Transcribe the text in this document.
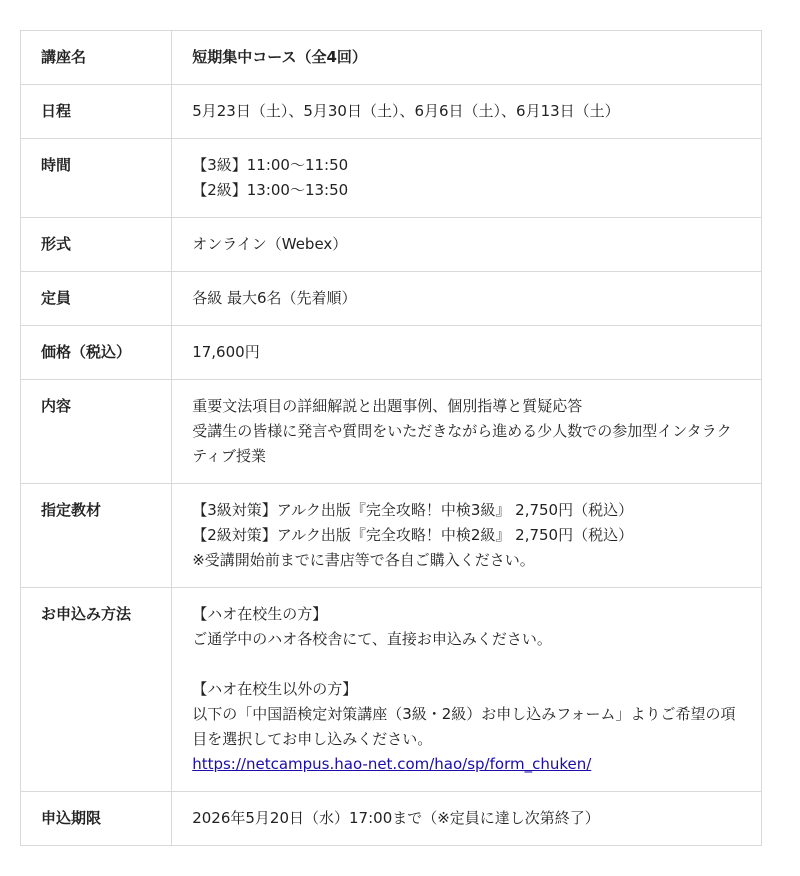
講座名	短期集中コース（全4回）
日程	5月23日（土）、5月30日（土）、6月6日（土）、6月13日（土）
時間	【3級】11:00～11:50
【2級】13:00～13:50

形式	オンライン（Webex）
定員	各級 最大6名（先着順）
価格（税込）	17,600円
内容	重要文法項目の詳細解説と出題事例、個別指導と質疑応答
受講生の皆様に発言や質問をいただきながら進める少人数での参加型インタラクティブ授業

指定教材	【3級対策】アルク出版『完全攻略！中検3級』 2,750円（税込）
【2級対策】アルク出版『完全攻略！中検2級』 2,750円（税込）
※受講開始前までに書店等で各自ご購入ください。

お申込み方法	【ハオ在校生の方】
ご通学中のハオ各校舎にて、直接お申込みください。
【ハオ在校生以外の方】
以下の「中国語検定対策講座（3級・2級）お申し込みフォーム」よりご希望の項目を選択してお申し込みください。
https://netcampus.hao-net.com/hao/sp/form_chuken/

申込期限	2026年5月20日（水）17:00まで（※定員に達し次第終了）
